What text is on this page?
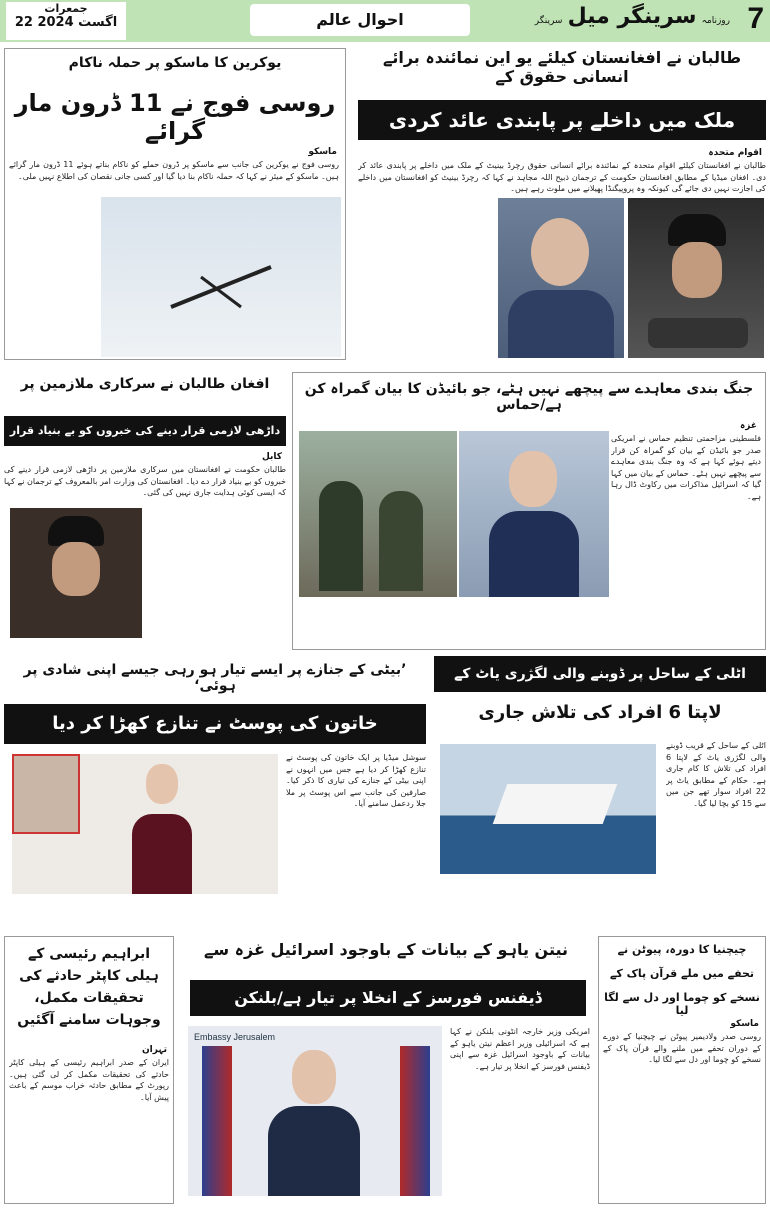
7
روزنامہ سرینگر میل سرینگر
احوال عالم
جمعرات
22 اگست 2024
طالبان نے افغانستان کیلئے یو این نمائندہ برائے انسانی حقوق کے
ملک میں داخلے پر پابندی عائد کردی
اقوام متحدہ
طالبان نے افغانستان کیلئے اقوام متحدہ کے نمائندہ برائے انسانی حقوق رچرڈ بینیٹ کے ملک میں داخلے پر پابندی عائد کر دی۔ افغان میڈیا کے مطابق افغانستان حکومت کے ترجمان ذبیح اللہ مجاہد نے کہا کہ رچرڈ بینیٹ کو افغانستان میں داخلے کی اجازت نہیں دی جائے گی کیونکہ وہ پروپیگنڈا پھیلانے میں ملوث رہے ہیں۔
یوکرین کا ماسکو پر حملہ ناکام
روسی فوج نے 11 ڈرون مار گرائے
ماسکو
روسی فوج نے یوکرین کی جانب سے ماسکو پر ڈرون حملے کو ناکام بناتے ہوئے 11 ڈرون مار گرائے ہیں۔ ماسکو کے میئر نے کہا کہ حملہ ناکام بنا دیا گیا اور کسی جانی نقصان کی اطلاع نہیں ملی۔
افغان طالبان نے سرکاری ملازمین پر
داڑھی لازمی قرار دینے کی خبروں کو بے بنیاد قرار دیدیا	کابل
طالبان حکومت نے افغانستان میں سرکاری ملازمین پر داڑھی لازمی قرار دینے کی خبروں کو بے بنیاد قرار دے دیا۔ افغانستان کی وزارت امر بالمعروف کے ترجمان نے کہا کہ ایسی کوئی ہدایت جاری نہیں کی گئی۔
جنگ بندی معاہدے سے پیچھے نہیں ہٹے، جو بائیڈن کا بیان گمراہ کن ہے/حماس
غزہ
فلسطینی مزاحمتی تنظیم حماس نے امریکی صدر جو بائیڈن کے بیان کو گمراہ کن قرار دیتے ہوئے کہا ہے کہ وہ جنگ بندی معاہدے سے پیچھے نہیں ہٹے۔ حماس کے بیان میں کہا گیا کہ اسرائیل مذاکرات میں رکاوٹ ڈال رہا ہے۔
’بیٹی کے جنازے پر ایسے تیار ہو رہی جیسے اپنی شادی پر ہوئی‘
خاتون کی پوسٹ نے تنازع کھڑا کر دیا
سوشل میڈیا پر ایک خاتون کی پوسٹ نے تنازع کھڑا کر دیا ہے جس میں انہوں نے اپنی بیٹی کے جنازے کی تیاری کا ذکر کیا۔ صارفین کی جانب سے اس پوسٹ پر ملا جلا ردعمل سامنے آیا۔
اٹلی کے ساحل پر ڈوبنے والی لگژری یاٹ کے
لاپتا 6 افراد کی تلاش جاری
اٹلی کے ساحل کے قریب ڈوبنے والی لگژری یاٹ کے لاپتا 6 افراد کی تلاش کا کام جاری ہے۔ حکام کے مطابق یاٹ پر 22 افراد سوار تھے جن میں سے 15 کو بچا لیا گیا۔
ابراہیم رئیسی کے ہیلی کاپٹر حادثے کی تحقیقات مکمل، وجوہات سامنے آگئیں
تہران
ایران کے صدر ابراہیم رئیسی کے ہیلی کاپٹر حادثے کی تحقیقات مکمل کر لی گئی ہیں۔ رپورٹ کے مطابق حادثہ خراب موسم کے باعث پیش آیا۔
نیتن یاہو کے بیانات کے باوجود اسرائیل غزہ سے
ڈیفنس فورسز کے انخلا پر تیار ہے/بلنکن
امریکی وزیر خارجہ انٹونی بلنکن نے کہا ہے کہ اسرائیلی وزیر اعظم نیتن یاہو کے بیانات کے باوجود اسرائیل غزہ سے اپنی ڈیفنس فورسز کے انخلا پر تیار ہے۔
Embassy Jerusalem
چیچنیا کا دورہ، پیوٹن نے
تحفے میں ملے قرآن پاک کے
نسخے کو چوما اور دل سے لگا لیا
ماسکو
روسی صدر ولادیمیر پیوٹن نے چیچنیا کے دورے کے دوران تحفے میں ملنے والے قرآن پاک کے نسخے کو چوما اور دل سے لگا لیا۔
